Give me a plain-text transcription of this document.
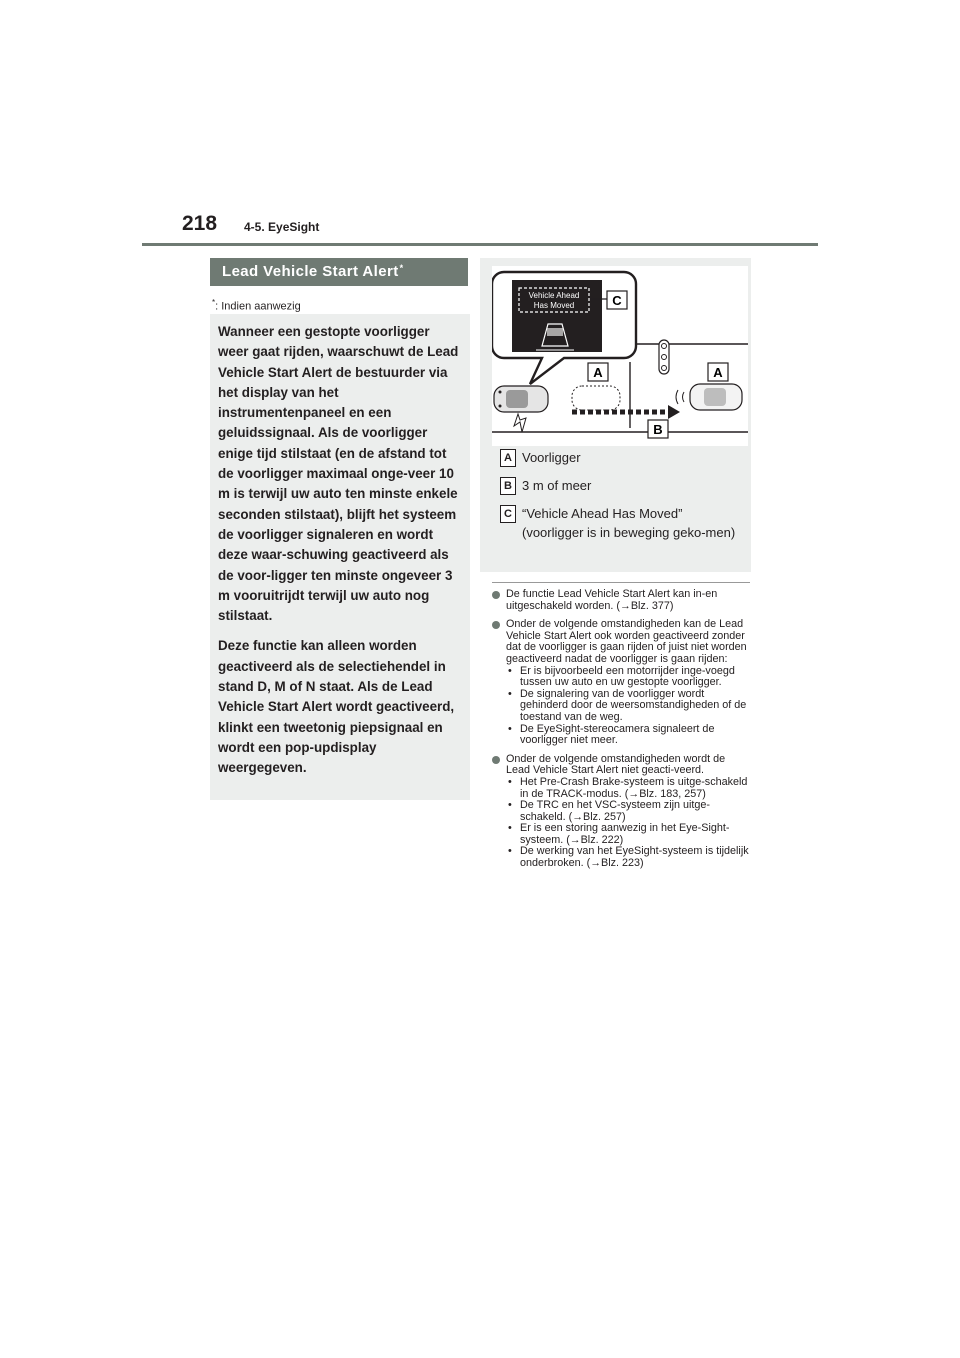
218 4-5. EyeSight
Lead Vehicle Start Alert*
*: Indien aanwezig

Wanneer een gestopte voorligger weer gaat rijden, waarschuwt de Lead Vehicle Start Alert de bestuurder via het display van het instrumentenpaneel en een geluidssignaal. Als de voorligger enige tijd stilstaat (en de afstand tot de voorligger maximaal onge-veer 10 m is terwijl uw auto ten minste enkele seconden stilstaat), blijft het systeem de voorligger signaleren en wordt deze waar-schuwing geactiveerd als de voor-ligger ten minste ongeveer 3 m vooruitrijdt terwijl uw auto nog stilstaat.

Deze functie kan alleen worden geactiveerd als de selectiehendel in stand D, M of N staat. Als de Lead Vehicle Start Alert wordt geactiveerd, klinkt een tweetonig piepsignaal en wordt een pop-updisplay weergegeven.

Vehicle Ahead
Has Moved	C
A	A
B
A Voorligger
B 3 m of meer
C “Vehicle Ahead Has Moved” (voorligger is in beweging geko-men)
De functie Lead Vehicle Start Alert kan in-en uitgeschakeld worden. (→Blz. 377)
Onder de volgende omstandigheden kan de Lead Vehicle Start Alert ook worden geactiveerd zonder dat de voorligger is gaan rijden of juist niet worden geactiveerd nadat de voorligger is gaan rijden:
• Er is bijvoorbeeld een motorrijder inge-voegd tussen uw auto en uw gestopte voorligger.
• De signalering van de voorligger wordt gehinderd door de weersomstandigheden of de toestand van de weg.
• De EyeSight-stereocamera signaleert de voorligger niet meer.
Onder de volgende omstandigheden wordt de Lead Vehicle Start Alert niet geacti-veerd.
• Het Pre-Crash Brake-systeem is uitge-schakeld in de TRACK-modus. (→Blz. 183, 257)
• De TRC en het VSC-systeem zijn uitge-schakeld. (→Blz. 257)
• Er is een storing aanwezig in het Eye-Sight-systeem. (→Blz. 222)
• De werking van het EyeSight-systeem is tijdelijk onderbroken. (→Blz. 223)
